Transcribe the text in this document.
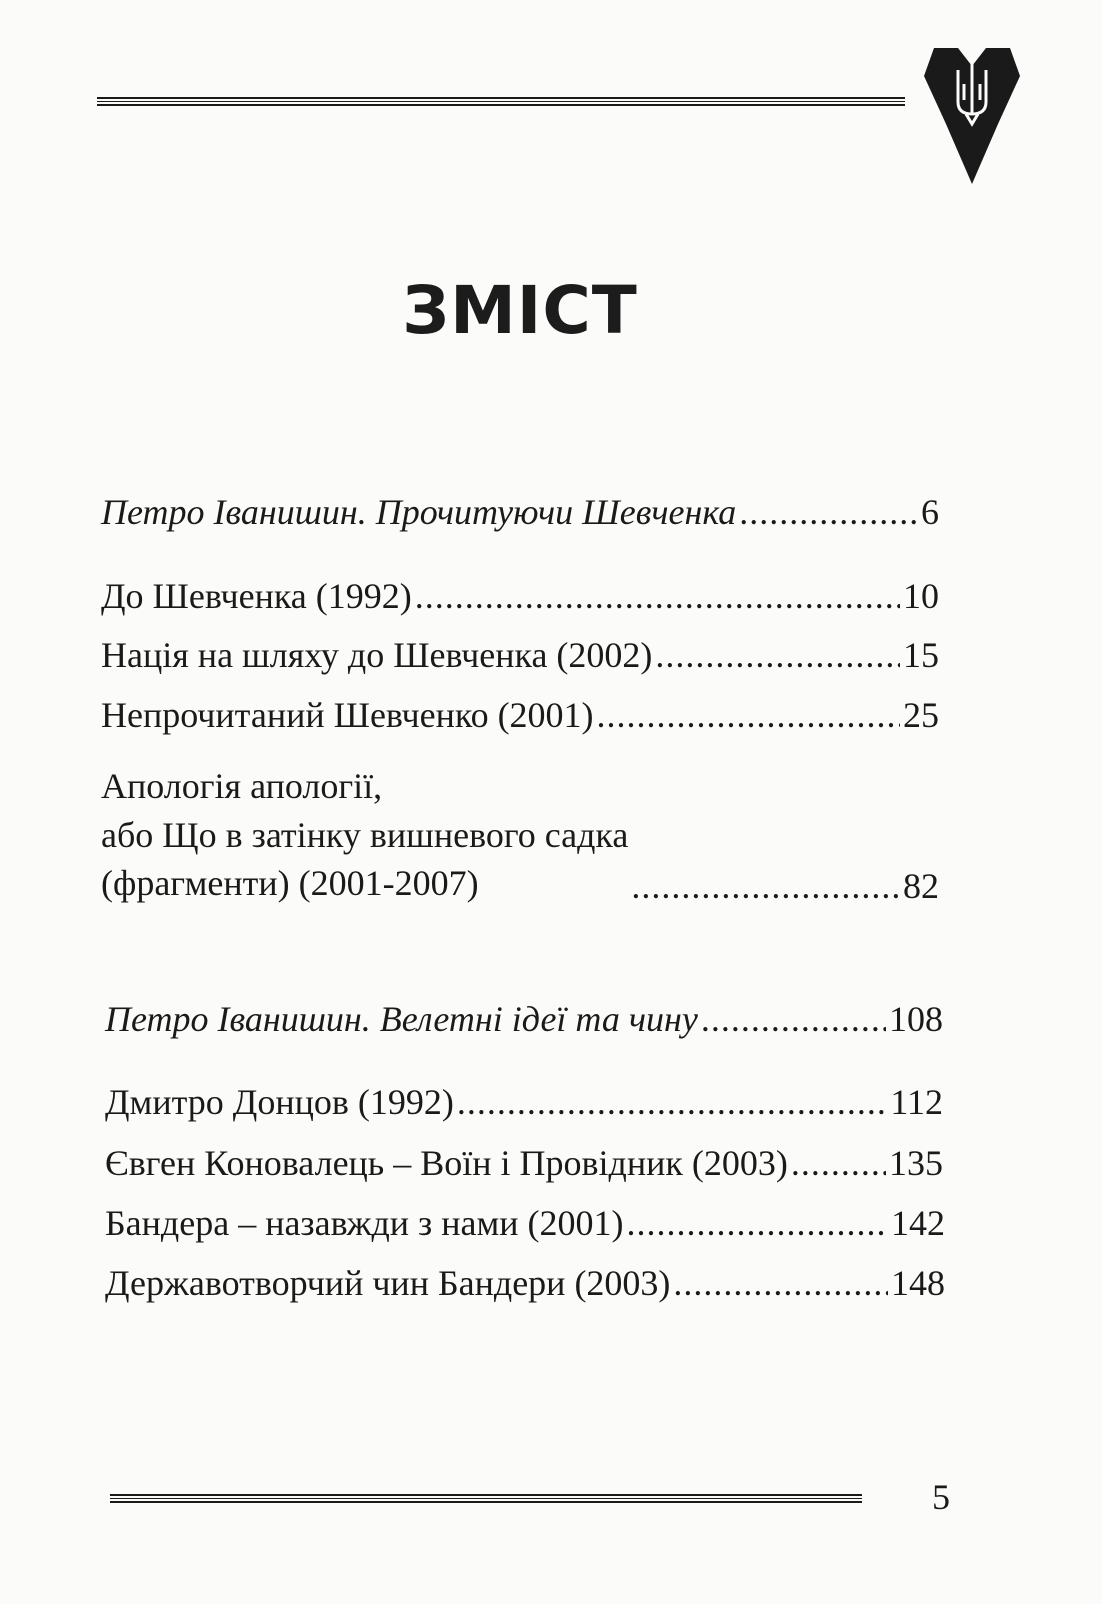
ЗМІСТ
Петро Іванишин. Прочитуючи Шевченка .....	6
До Шевченка (1992) .....	10
Нація на шляху до Шевченка (2002) .....	15
Непрочитаний Шевченко (2001) .....	25
Апологія апології,
або Що в затінку вишневого садка
(фрагменти) (2001-2007) .....	82
Петро Іванишин. Велетні ідеї та чину .....	108
Дмитро Донцов (1992) .....	112
Євген Коновалець – Воїн і Провідник (2003) .....	135
Бандера – назавжди з нами (2001) .....	142
Державотворчий чин Бандери (2003) .....	148
5
